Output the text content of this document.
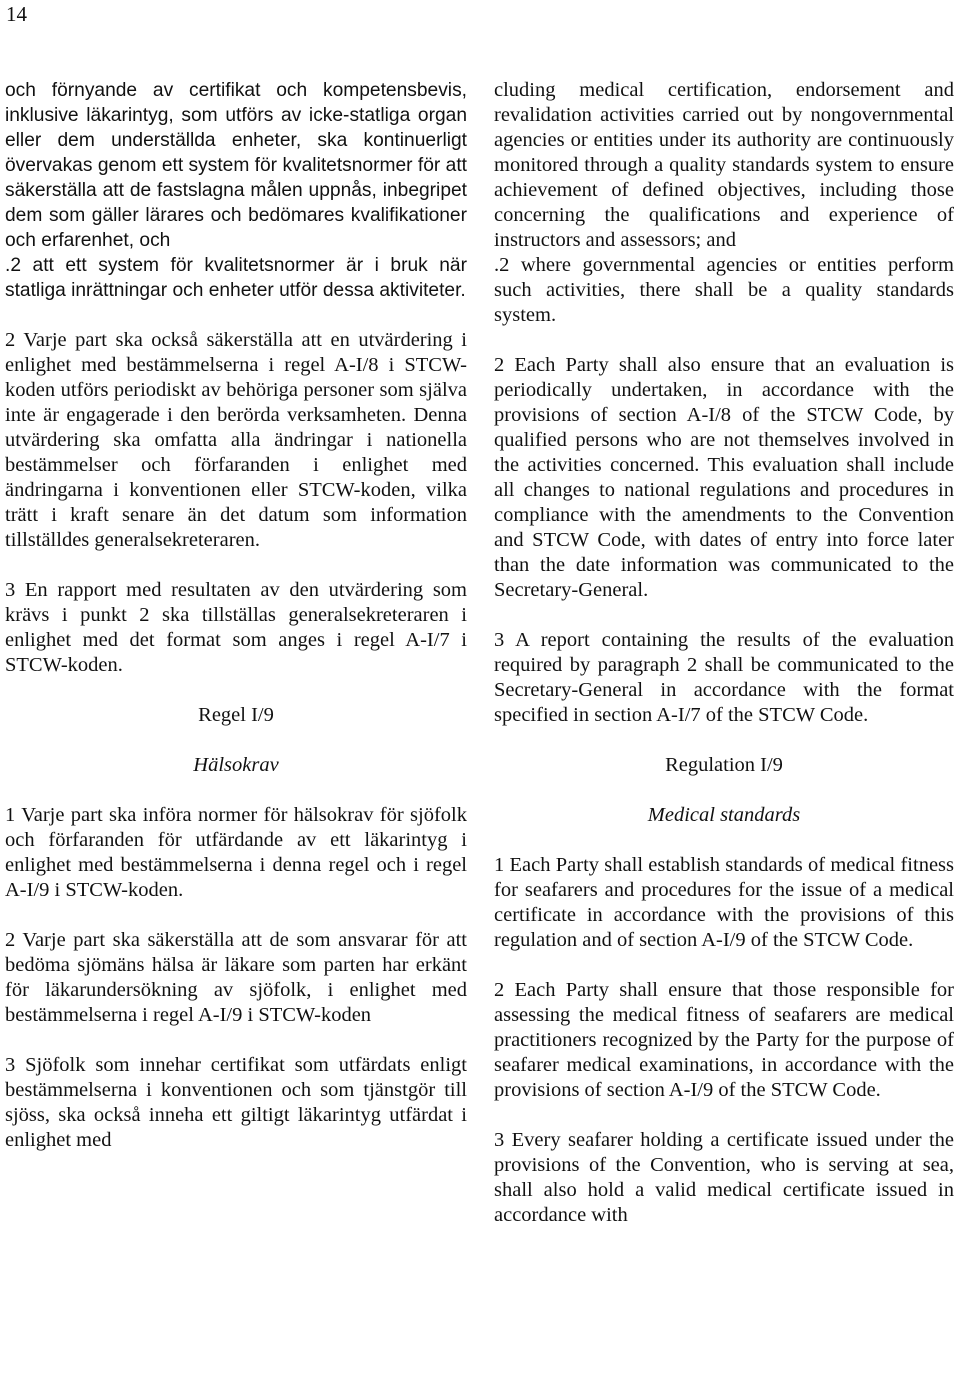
14

och förnyande av certifikat och kompetensbevis, inklusive läkarintyg, som utförs av icke-statliga organ eller dem underställda enheter, ska kontinuerligt övervakas genom ett system för kvalitetsnormer för att säkerställa att de fastslagna målen uppnås, inbegripet dem som gäller lärares och bedömares kvalifikationer och erfarenhet, och

.2 att ett system för kvalitetsnormer är i bruk när statliga inrättningar och enheter utför dessa aktiviteter.

2 Varje part ska också säkerställa att en utvärdering i enlighet med bestämmelserna i regel A-I/8 i STCW-koden utförs periodiskt av behöriga personer som själva inte är engagerade i den berörda verksamheten. Denna utvärdering ska omfatta alla ändringar i nationella bestämmelser och förfaranden i enlighet med ändringarna i konventionen eller STCW-koden, vilka trätt i kraft senare än det datum som information tillställdes generalsekreteraren.

3 En rapport med resultaten av den utvärdering som krävs i punkt 2 ska tillställas generalsekreteraren i enlighet med det format som anges i regel A-I/7 i STCW-koden.

Regel I/9

Hälsokrav

1 Varje part ska införa normer för hälsokrav för sjöfolk och förfaranden för utfärdande av ett läkarintyg i enlighet med bestämmelserna i denna regel och i regel A-I/9 i STCW-koden.

2 Varje part ska säkerställa att de som ansvarar för att bedöma sjömäns hälsa är läkare som parten har erkänt för läkarundersökning av sjöfolk, i enlighet med bestämmelserna i regel A-I/9 i STCW-koden

3 Sjöfolk som innehar certifikat som utfärdats enligt bestämmelserna i konventionen och som tjänstgör till sjöss, ska också inneha ett giltigt läkarintyg utfärdat i enlighet med

cluding medical certification, endorsement and revalidation activities carried out by nongovernmental agencies or entities under its authority are continuously monitored through a quality standards system to ensure achievement of defined objectives, including those concerning the qualifications and experience of instructors and assessors; and

.2 where governmental agencies or entities perform such activities, there shall be a quality standards system.

2 Each Party shall also ensure that an evaluation is periodically undertaken, in accordance with the provisions of section A-I/8 of the STCW Code, by qualified persons who are not themselves involved in the activities concerned. This evaluation shall include all changes to national regulations and procedures in compliance with the amendments to the Convention and STCW Code, with dates of entry into force later than the date information was communicated to the Secretary-General.

3 A report containing the results of the evaluation required by paragraph 2 shall be communicated to the Secretary-General in accordance with the format specified in section A-I/7 of the STCW Code.

Regulation I/9

Medical standards

1 Each Party shall establish standards of medical fitness for seafarers and procedures for the issue of a medical certificate in accordance with the provisions of this regulation and of section A-I/9 of the STCW Code.

2 Each Party shall ensure that those responsible for assessing the medical fitness of seafarers are medical practitioners recognized by the Party for the purpose of seafarer medical examinations, in accordance with the provisions of section A-I/9 of the STCW Code.

3 Every seafarer holding a certificate issued under the provisions of the Convention, who is serving at sea, shall also hold a valid medical certificate issued in accordance with
